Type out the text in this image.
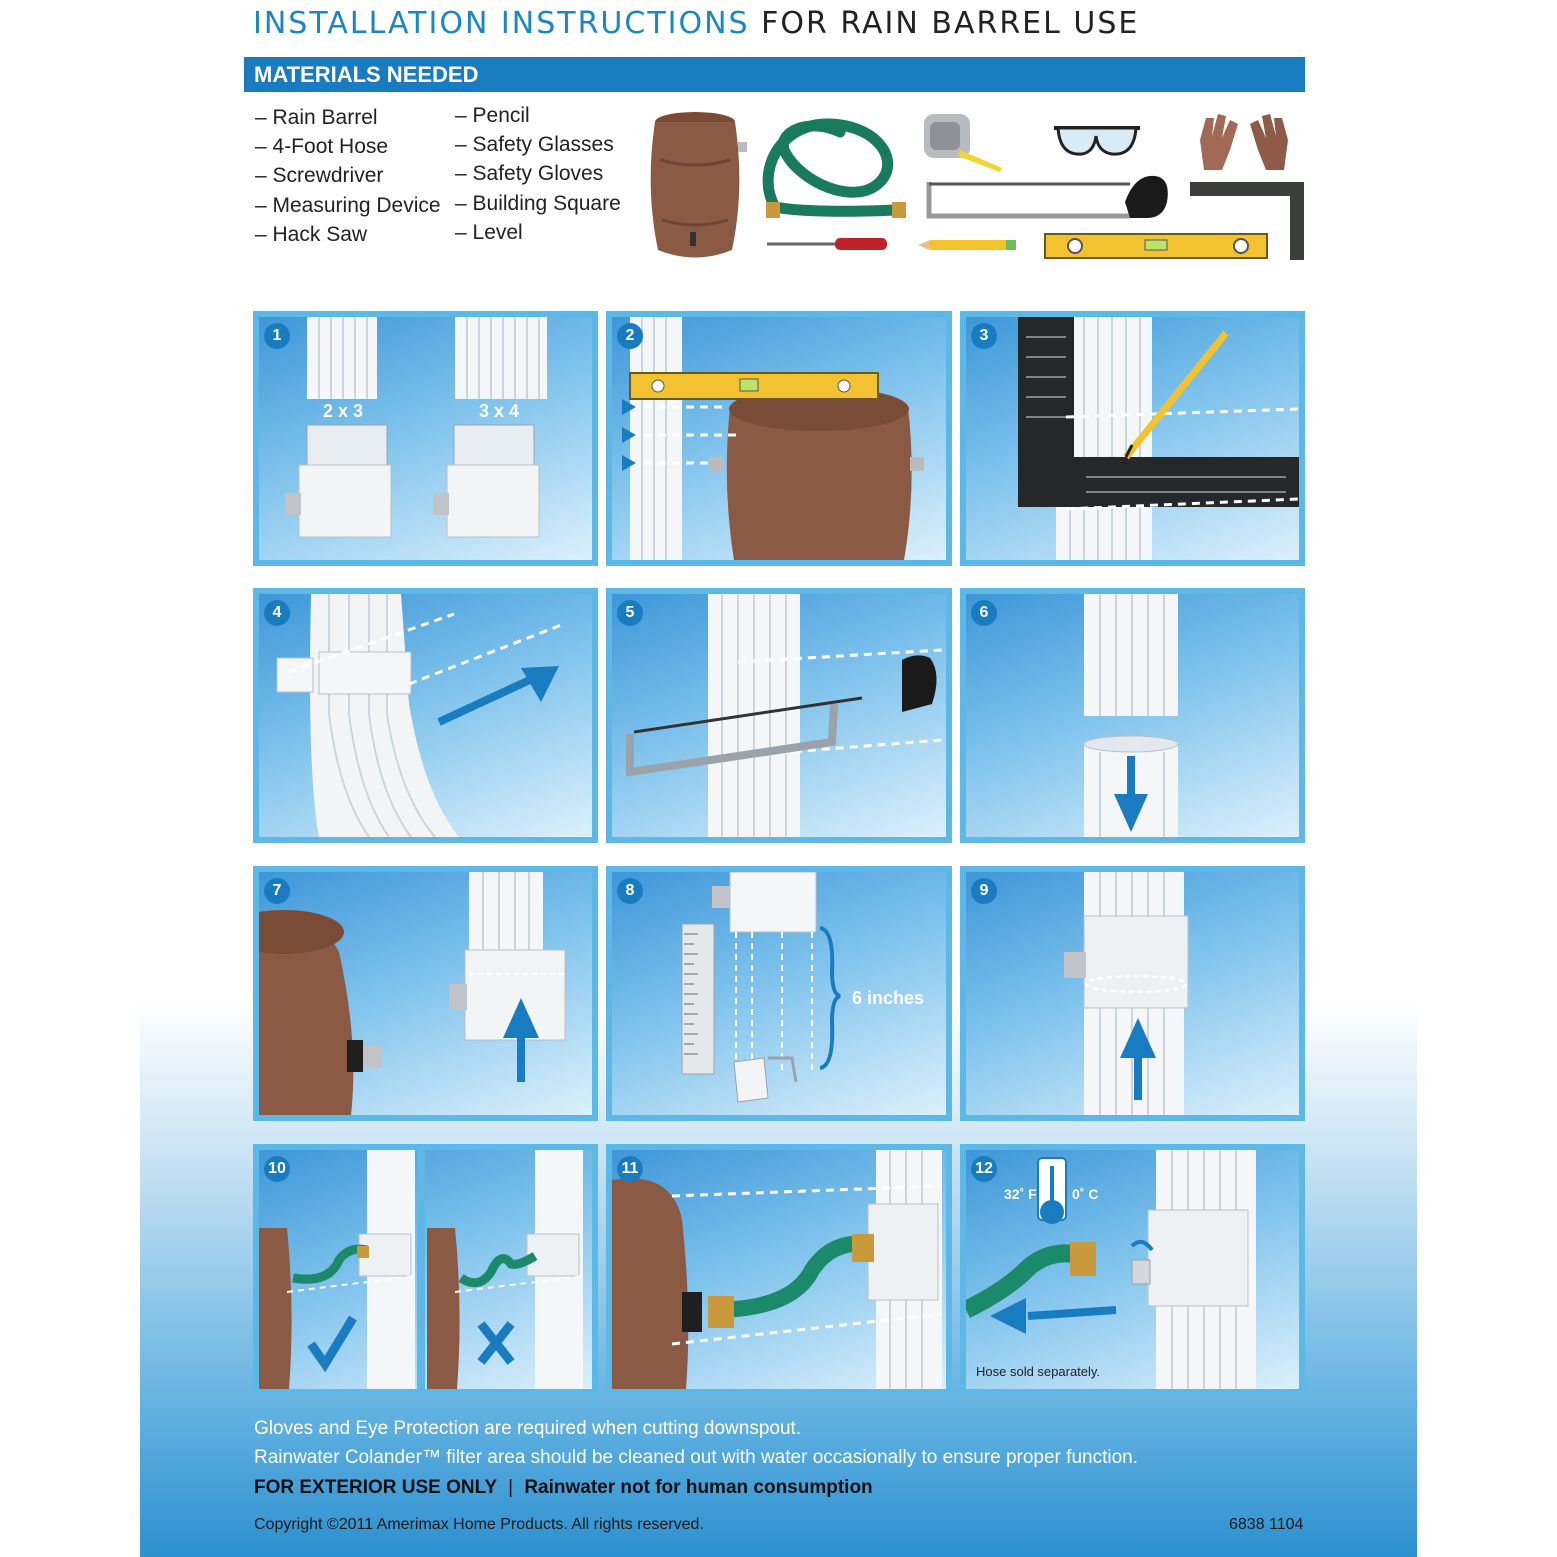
INSTALLATION INSTRUCTIONS FOR RAIN BARREL USE
MATERIALS NEEDED
– Rain Barrel
– 4-Foot Hose
– Screwdriver
– Measuring Device
– Hack Saw
– Pencil
– Safety Glasses
– Safety Gloves
– Building Square
– Level
1
2 x 3	3 x 4
2	3
4	5	6
7	8
6 inches
9
10	11	12
32˚ F	0˚ C
Hose sold separately.
Gloves and Eye Protection are required when cutting downspout.
Rainwater Colander™ filter area should be cleaned out with water occasionally to ensure proper function.
FOR EXTERIOR USE ONLY | Rainwater not for human consumption
Copyright ©2011 Amerimax Home Products. All rights reserved.	6838 1104
